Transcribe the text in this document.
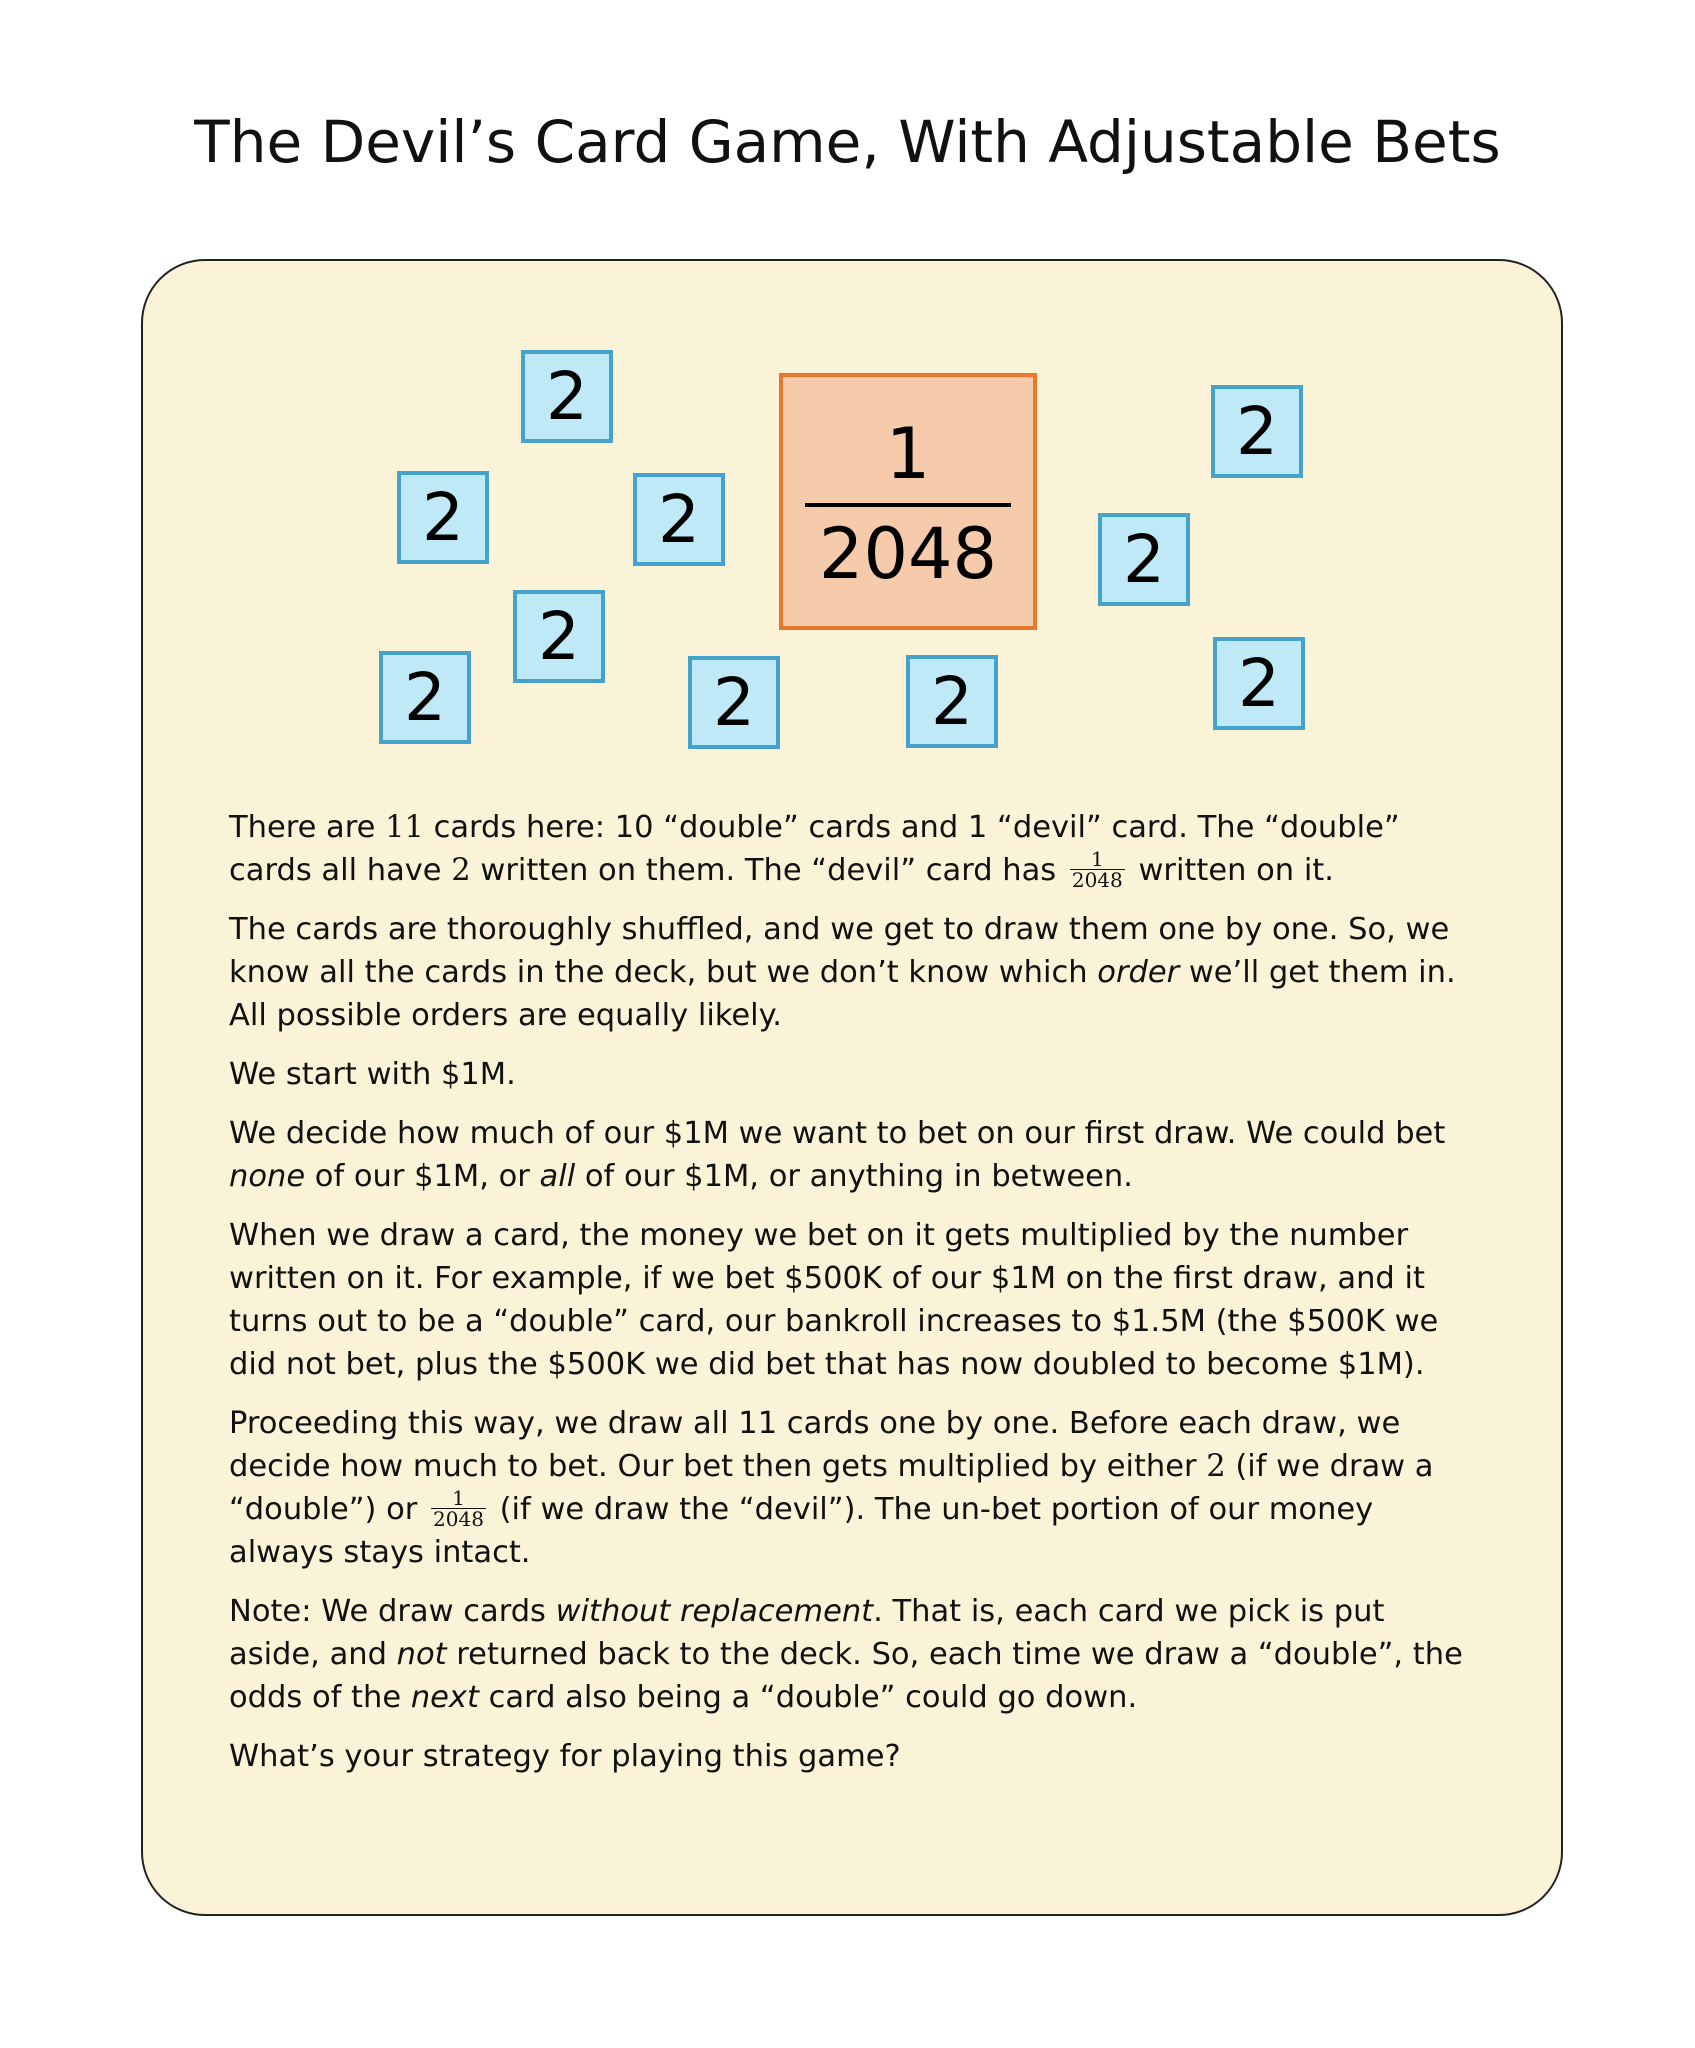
The Devil’s Card Game, With Adjustable Bets
2
2	2
2
2	2	2
2
2
2
1
2048

There are 11 cards here: 10 “double” cards and 1 “devil” card. The “double” cards all have 2 written on them. The “devil” card has $\frac{1}{2048}$ written on it.

The cards are thoroughly shuffled, and we get to draw them one by one. So, we know all the cards in the deck, but we don’t know which order we’ll get them in. All possible orders are equally likely.

We start with $1M.

We decide how much of our $1M we want to bet on our first draw. We could bet none of our $1M, or all of our $1M, or anything in between.

When we draw a card, the money we bet on it gets multiplied by the number written on it. For example, if we bet $500K of our $1M on the first draw, and it turns out to be a “double” card, our bankroll increases to $1.5M (the $500K we did not bet, plus the $500K we did bet that has now doubled to become $1M).

Proceeding this way, we draw all 11 cards one by one. Before each draw, we decide how much to bet. Our bet then gets multiplied by either 2 (if we draw a “double”) or $\frac{1}{2048} (if$ we draw the “devil”). The un-bet portion of our money always stays intact.

Note: We draw cards without replacement. That is, each card we pick is put aside, and not returned back to the deck. So, each time we draw a “double”, the odds of the next card also being a “double” could go down.

What’s your strategy for playing this game?
